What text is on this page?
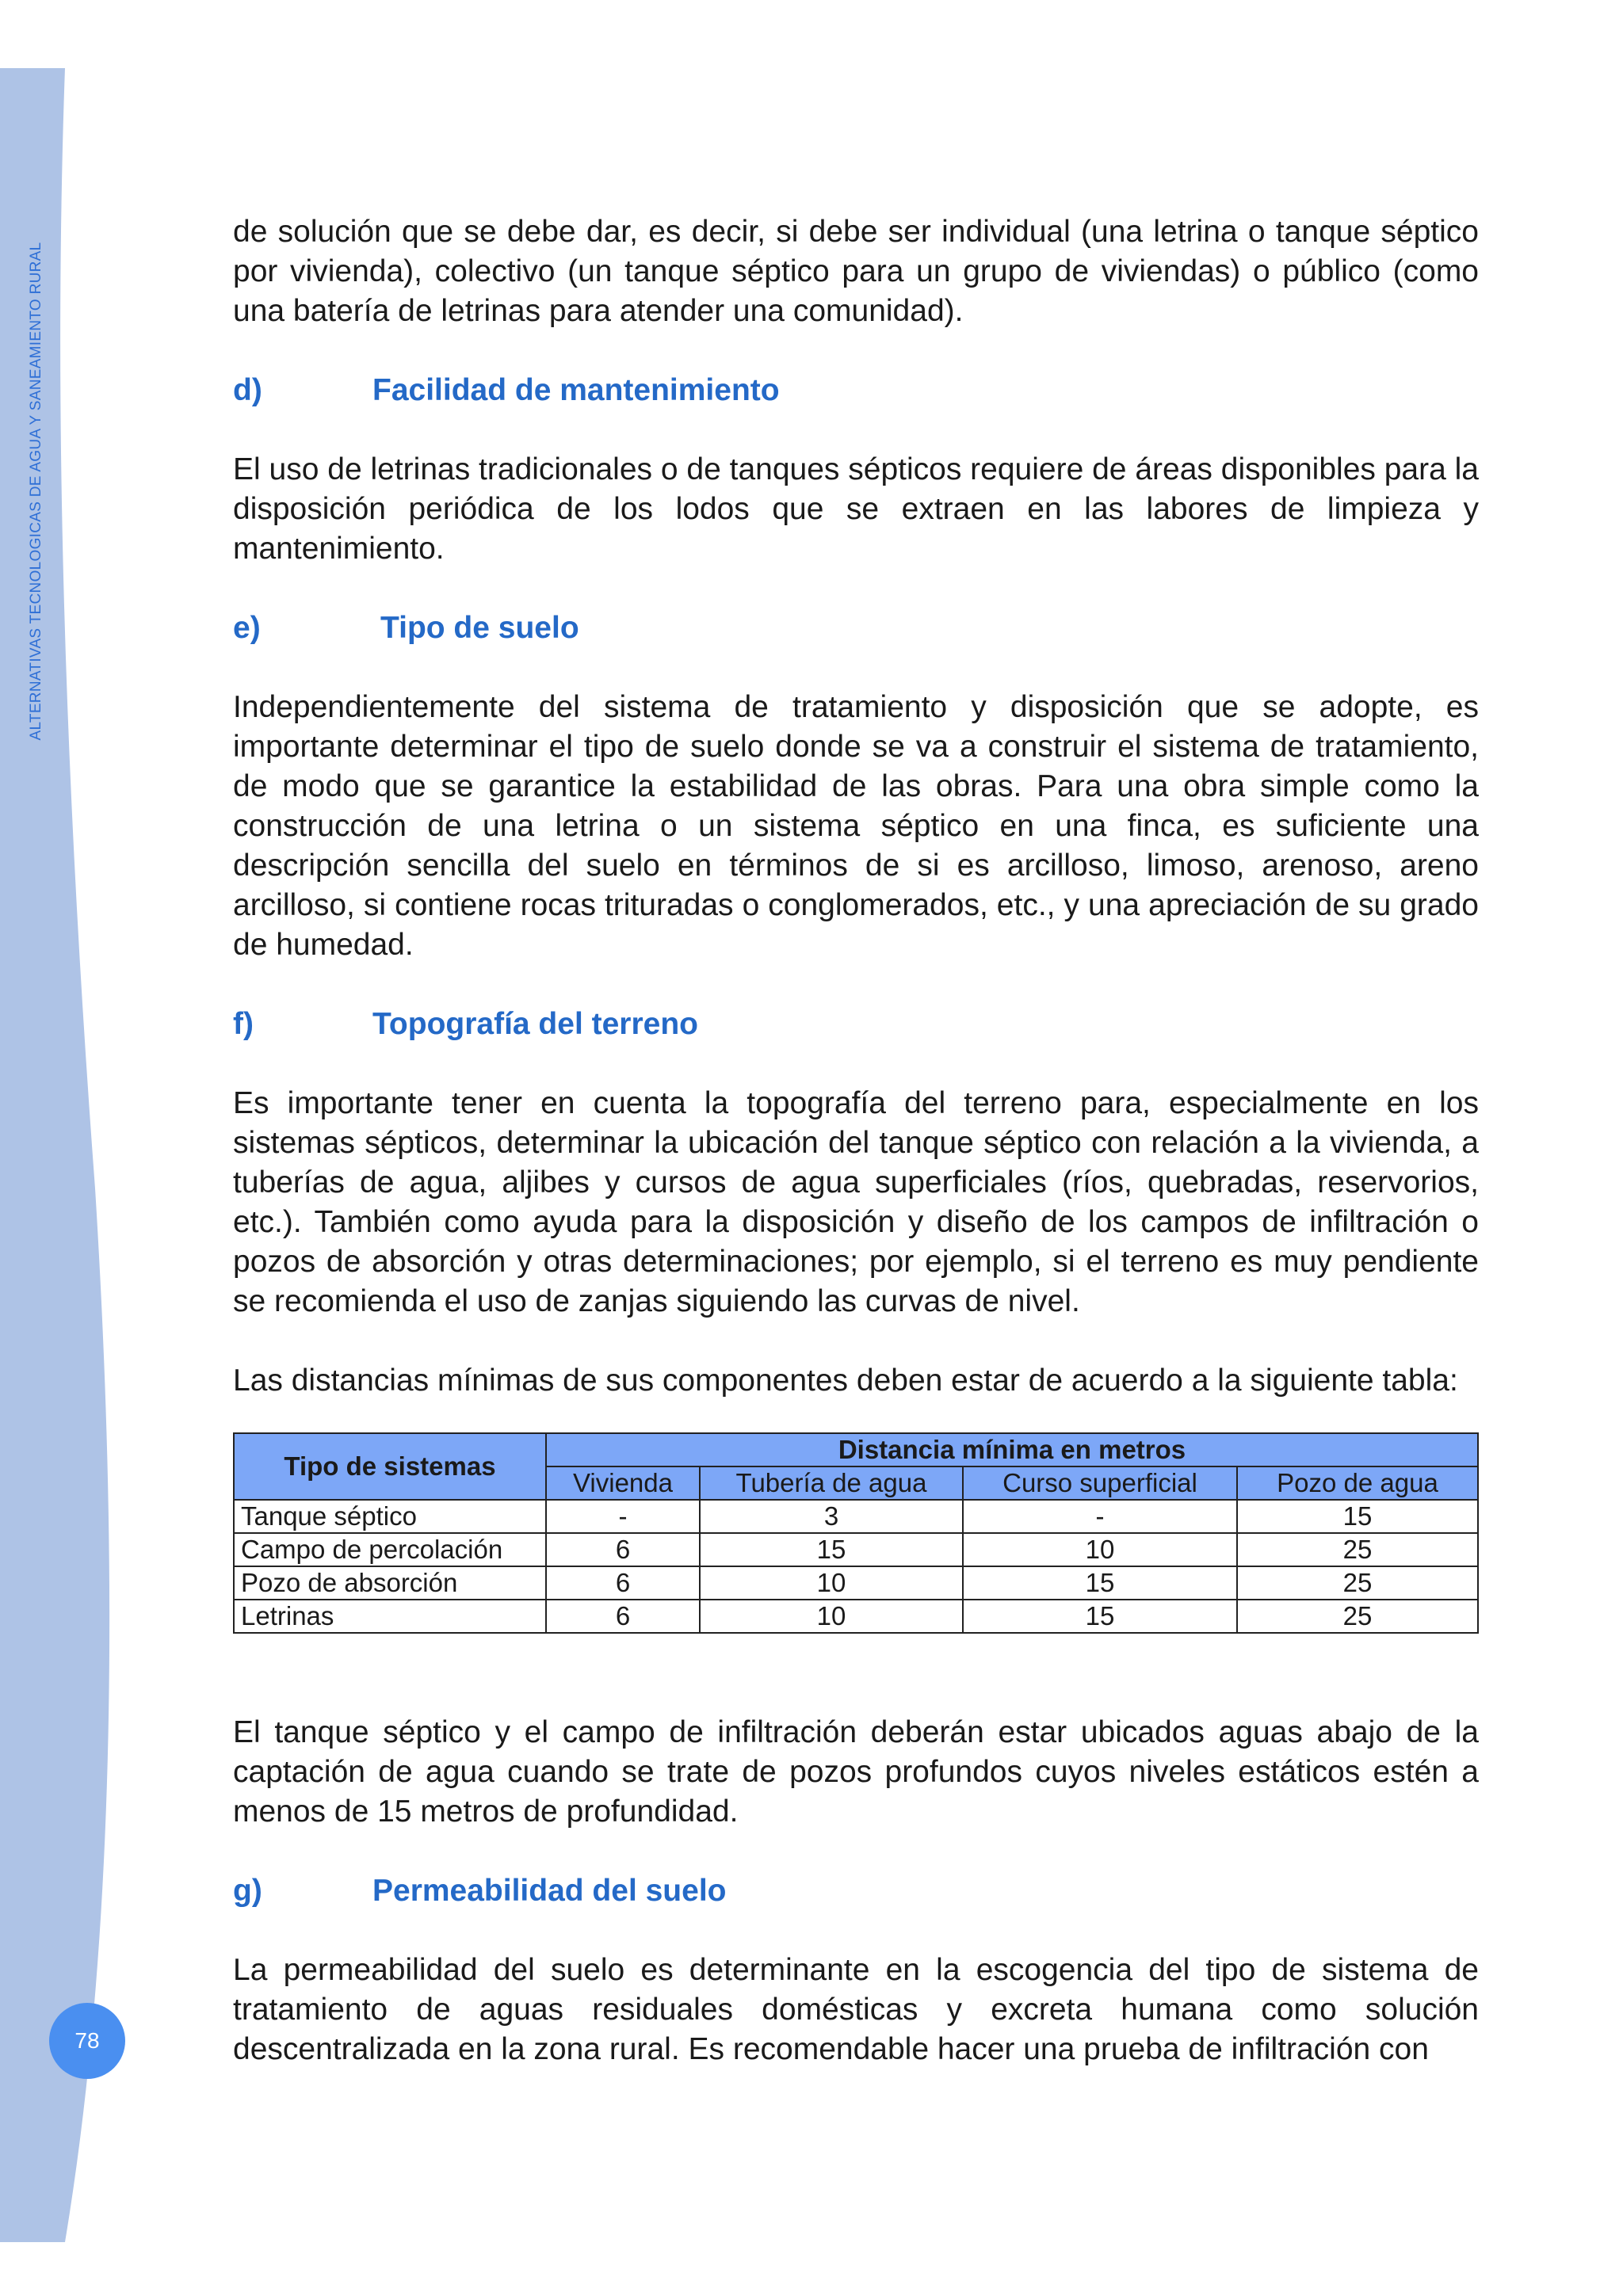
ALTERNATIVAS TECNOLOGICAS DE AGUA Y SANEAMIENTO RURAL
78

de solución que se debe dar, es decir, si debe ser individual (una letrina o tanque séptico por vivienda), colectivo (un tanque séptico para un grupo de viviendas) o público (como una batería de letrinas para atender una comunidad).

d)	Facilidad de mantenimiento

El uso de letrinas tradicionales o de tanques sépticos requiere de áreas disponibles para la disposición periódica de los lodos que se extraen en las labores de limpieza y mantenimiento.

e)	Tipo de suelo

Independientemente del sistema de tratamiento y disposición que se adopte, es importante determinar el tipo de suelo donde se va a construir el sistema de tratamiento, de modo que se garantice la estabilidad de las obras. Para una obra simple como la construcción de una letrina o un sistema séptico en una finca, es suficiente una descripción sencilla del suelo en términos de si es arcilloso, limoso, arenoso, areno arcilloso, si contiene rocas trituradas o conglomerados, etc., y una apreciación de su grado de humedad.

f)	Topografía del terreno

Es importante tener en cuenta la topografía del terreno para, especialmente en los sistemas sépticos, determinar la ubicación del tanque séptico con relación a la vivienda, a tuberías de agua, aljibes y cursos de agua superficiales (ríos, quebradas, reservorios, etc.). También como ayuda para la disposición y diseño de los campos de infiltración o pozos de absorción y otras determinaciones; por ejemplo, si el terreno es muy pendiente se recomienda el uso de zanjas siguiendo las curvas de nivel.

Las distancias mínimas de sus componentes deben estar de acuerdo a la siguiente tabla:

Tipo de sistemas	Distancia mínima en metros			
	Vivienda	Tubería de agua	Curso superficial	Pozo de agua
Tanque séptico	-	3	-	15
Campo de percolación	6	15	10	25
Pozo de absorción	6	10	15	25
Letrinas	6	10	15	25

El tanque séptico y el campo de infiltración deberán estar ubicados aguas abajo de la captación de agua cuando se trate de pozos profundos cuyos niveles estáticos estén a menos de 15 metros de profundidad.

g)	Permeabilidad del suelo

La permeabilidad del suelo es determinante en la escogencia del tipo de sistema de tratamiento de aguas residuales domésticas y excreta humana como solución descentralizada en la zona rural. Es recomendable hacer una prueba de infiltración con
